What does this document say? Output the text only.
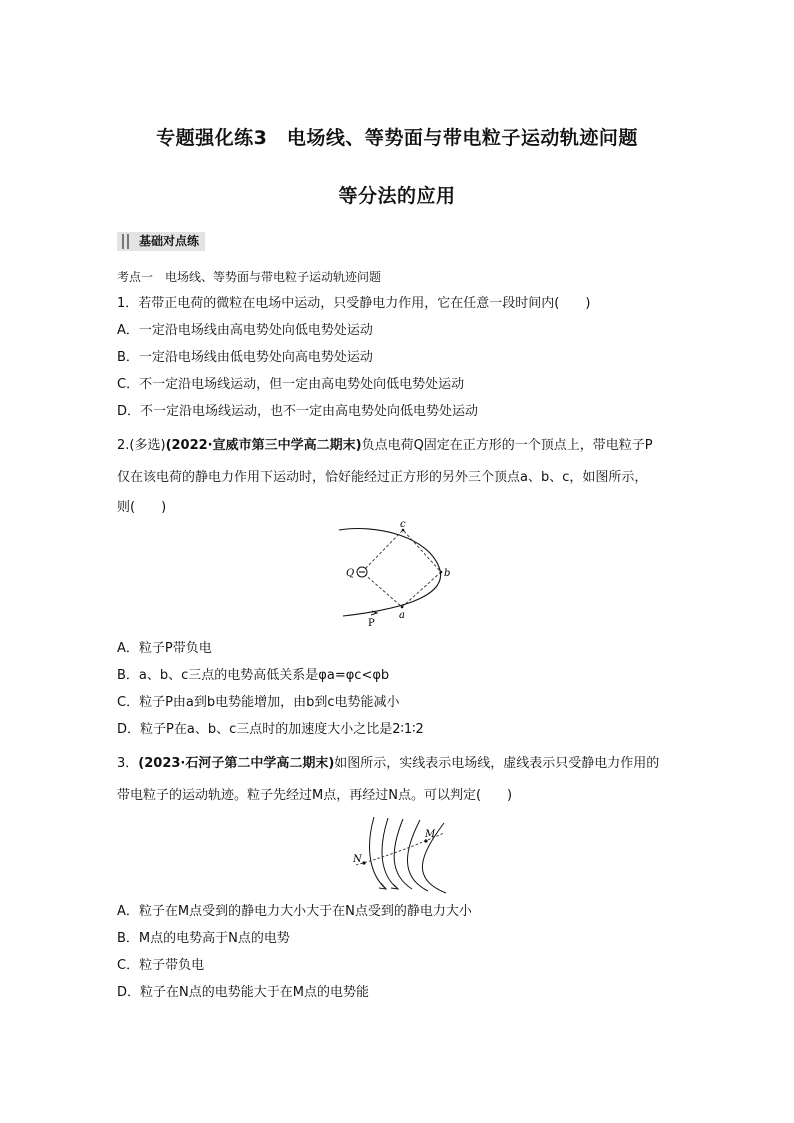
专题强化练3　电场线、等势面与带电粒子运动轨迹问题
等分法的应用
基础对点练
考点一　电场线、等势面与带电粒子运动轨迹问题
1．若带正电荷的微粒在电场中运动，只受静电力作用，它在任意一段时间内(　　)
A．一定沿电场线由高电势处向低电势处运动
B．一定沿电场线由低电势处向高电势处运动
C．不一定沿电场线运动，但一定由高电势处向低电势处运动
D．不一定沿电场线运动，也不一定由高电势处向低电势处运动
2.(多选)(2022·宣威市第三中学高二期末)负点电荷Q固定在正方形的一个顶点上，带电粒子P
仅在该电荷的静电力作用下运动时，恰好能经过正方形的另外三个顶点a、b、c，如图所示，
则(　　)
Q
c
b
a
P
A．粒子P带负电
B．a、b、c三点的电势高低关系是φa=φc<φb
C．粒子P由a到b电势能增加，由b到c电势能减小
D．粒子P在a、b、c三点时的加速度大小之比是2∶1∶2
3．(2023·石河子第二中学高二期末)如图所示，实线表示电场线，虚线表示只受静电力作用的
带电粒子的运动轨迹。粒子先经过M点，再经过N点。可以判定(　　)
N
M
A．粒子在M点受到的静电力大小大于在N点受到的静电力大小
B．M点的电势高于N点的电势
C．粒子带负电
D．粒子在N点的电势能大于在M点的电势能
